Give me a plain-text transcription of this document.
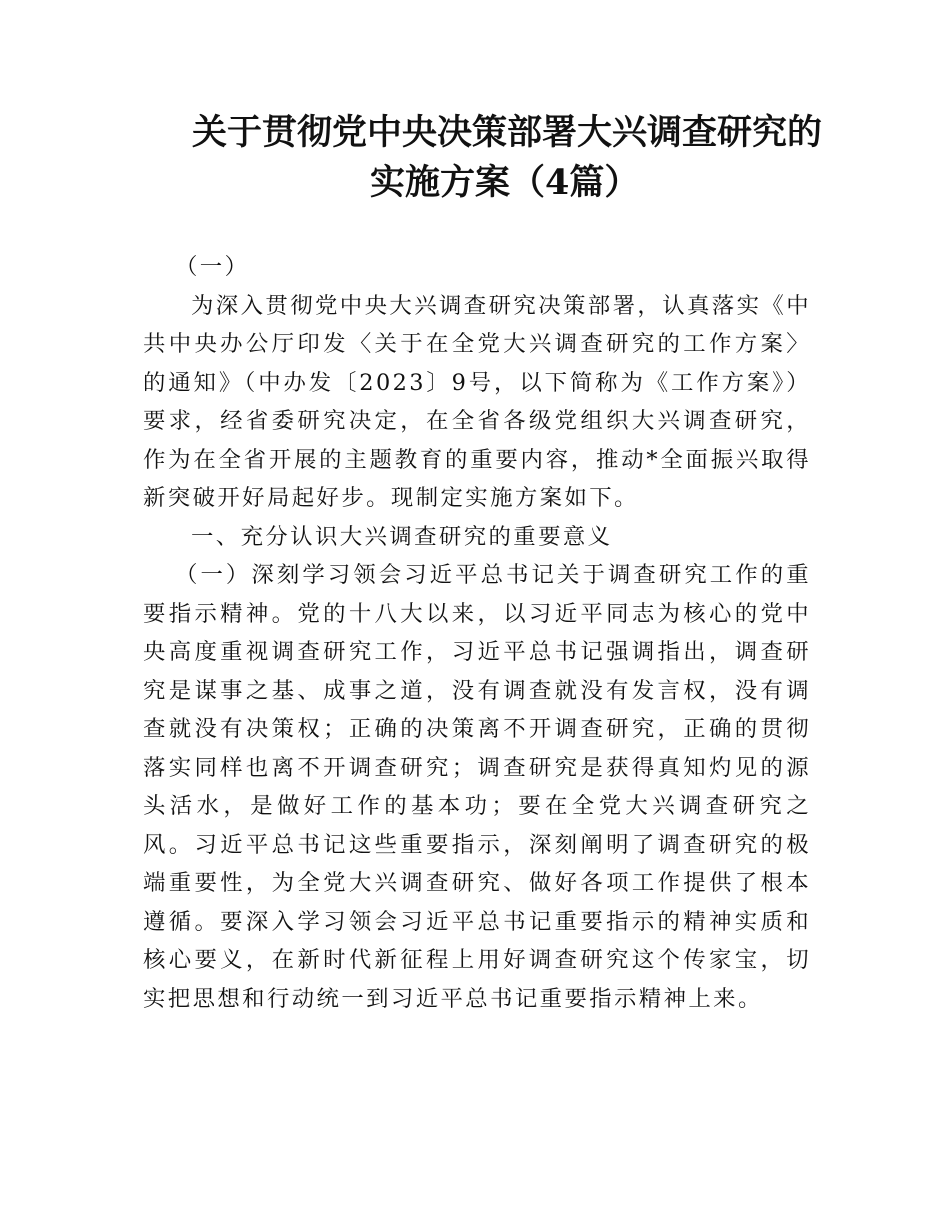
关于贯彻党中央决策部署大兴调查研究的
实施方案（4篇）

（一）

为深入贯彻党中央大兴调查研究决策部署，认真落实《中共中央办公厅印发〈关于在全党大兴调查研究的工作方案〉的通知》（中办发〔2023〕9号，以下简称为《工作方案》）要求，经省委研究决定，在全省各级党组织大兴调查研究，作为在全省开展的主题教育的重要内容，推动*全面振兴取得新突破开好局起好步。现制定实施方案如下。

一、充分认识大兴调查研究的重要意义

（一）深刻学习领会习近平总书记关于调查研究工作的重要指示精神。党的十八大以来，以习近平同志为核心的党中央高度重视调查研究工作，习近平总书记强调指出，调查研究是谋事之基、成事之道，没有调查就没有发言权，没有调查就没有决策权；正确的决策离不开调查研究，正确的贯彻落实同样也离不开调查研究；调查研究是获得真知灼见的源头活水，是做好工作的基本功；要在全党大兴调查研究之风。习近平总书记这些重要指示，深刻阐明了调查研究的极端重要性，为全党大兴调查研究、做好各项工作提供了根本遵循。要深入学习领会习近平总书记重要指示的精神实质和核心要义，在新时代新征程上用好调查研究这个传家宝，切实把思想和行动统一到习近平总书记重要指示精神上来。
